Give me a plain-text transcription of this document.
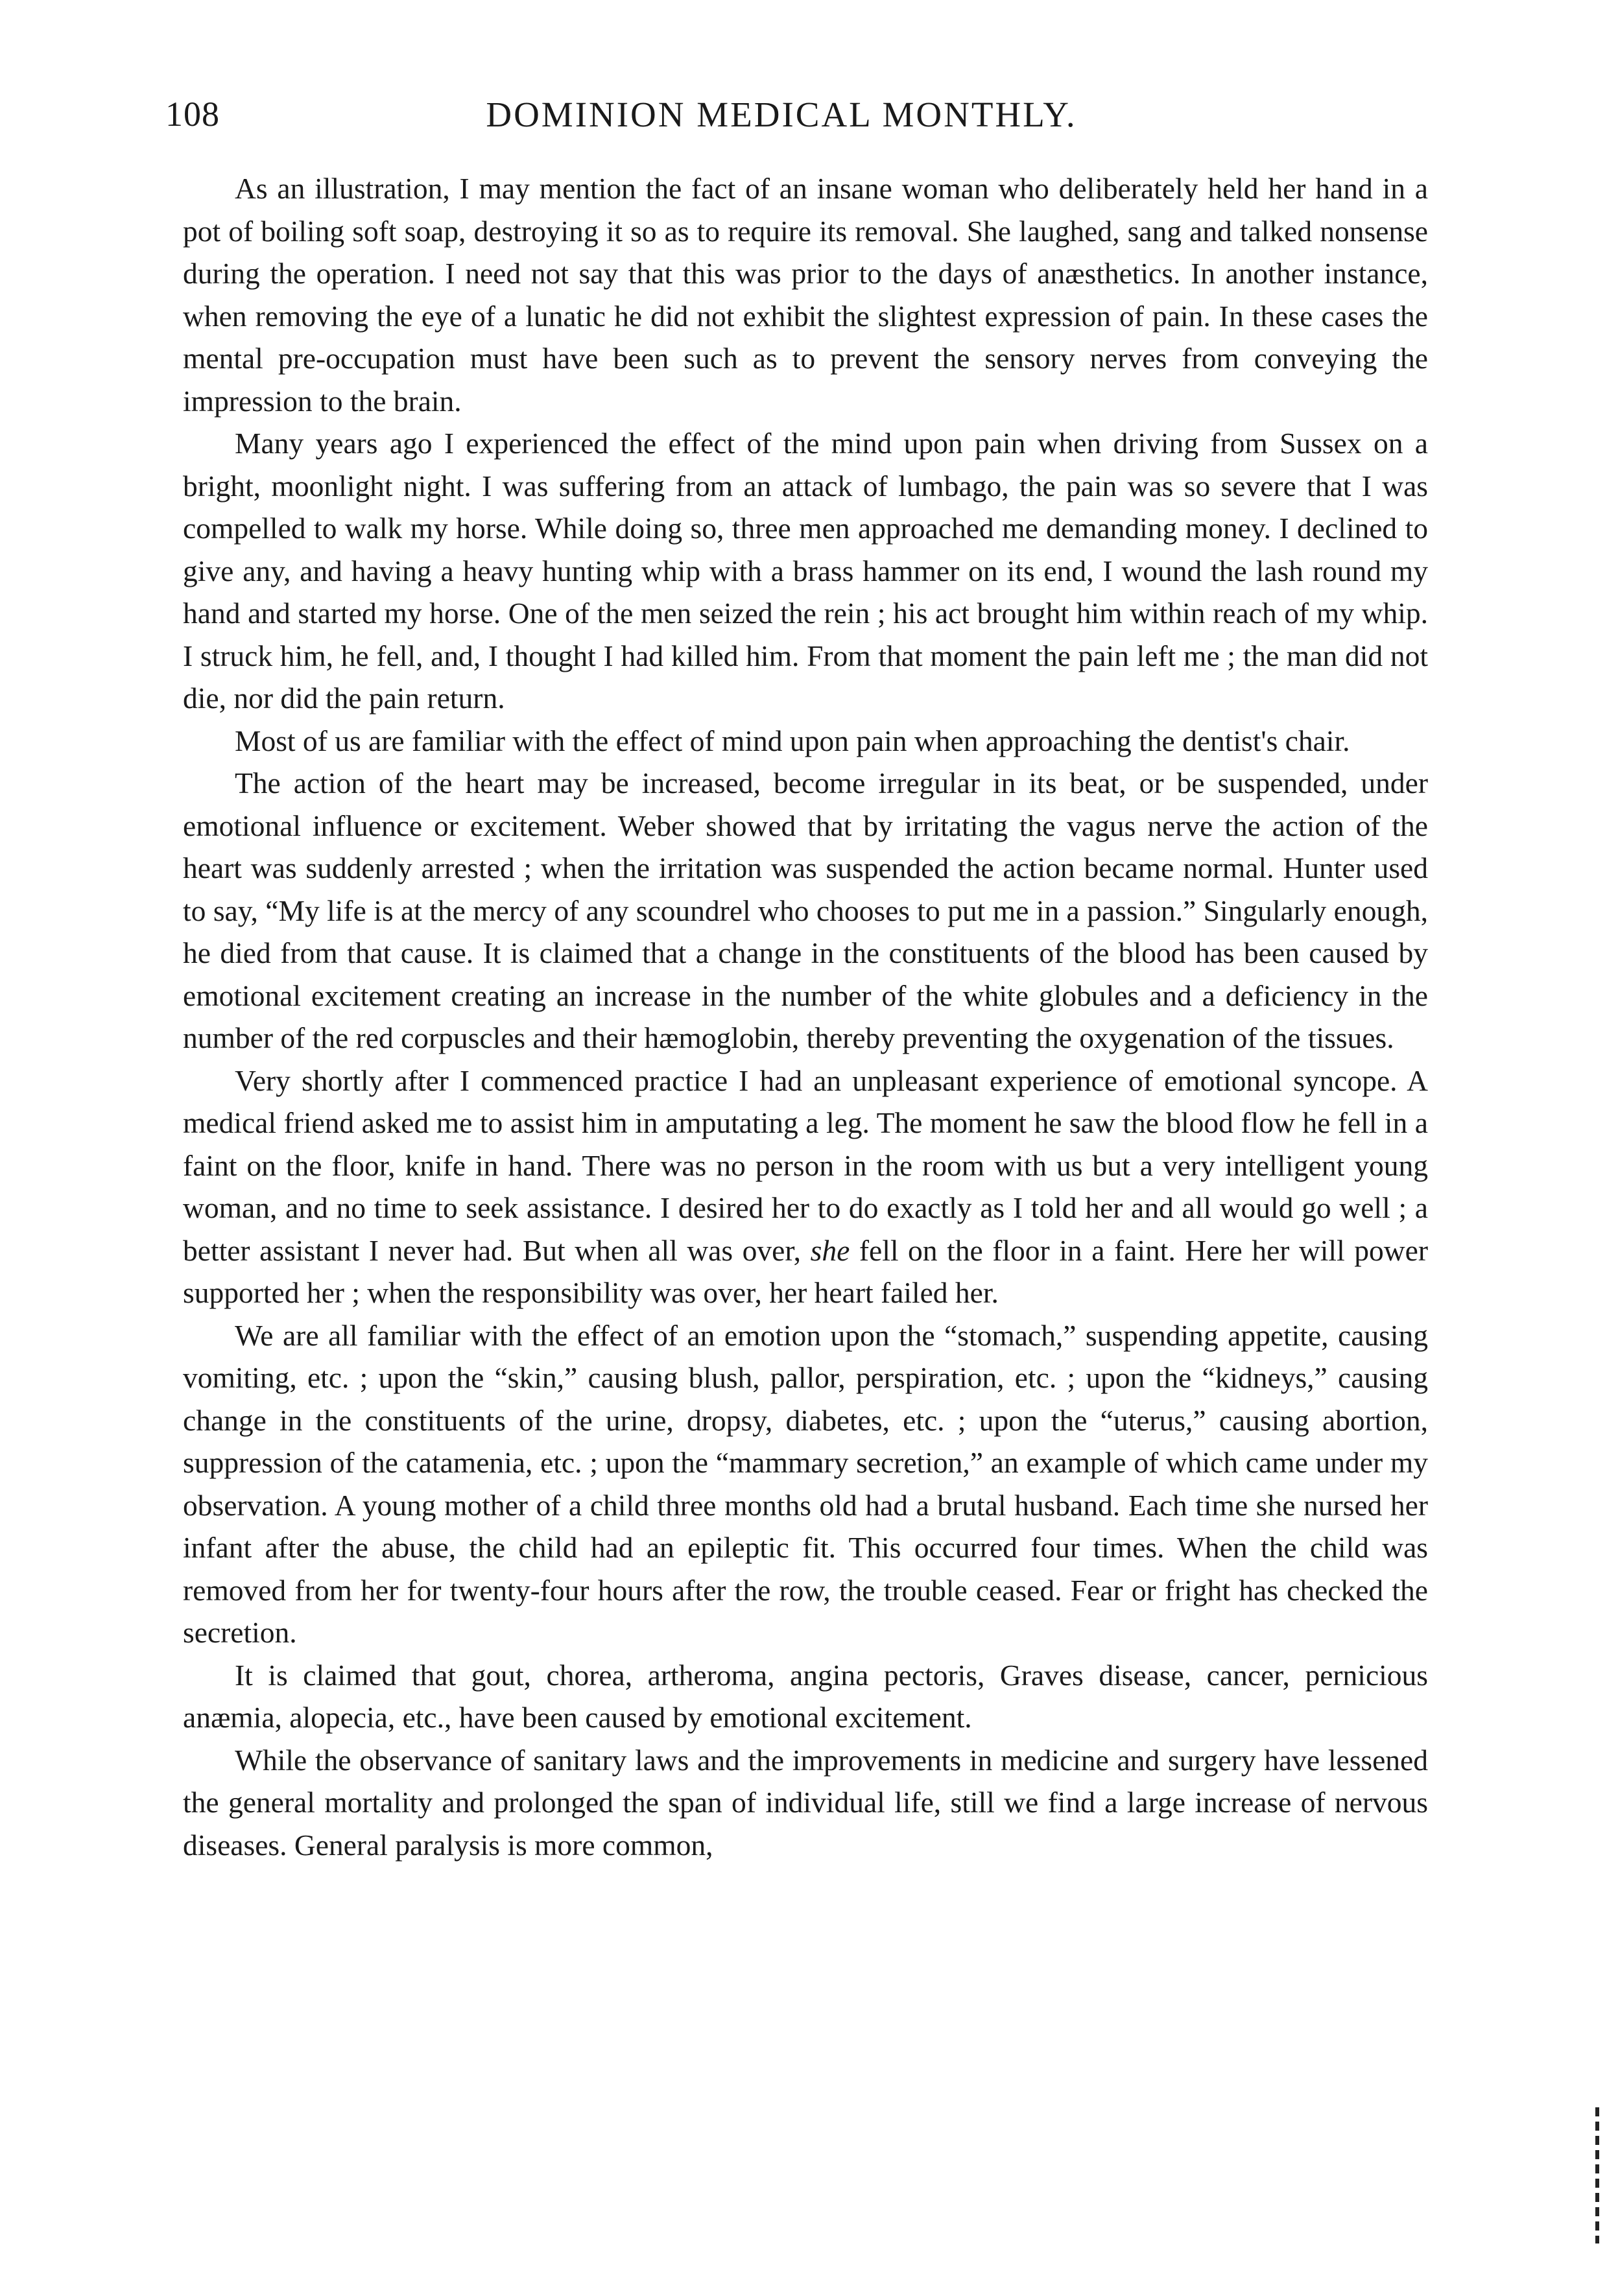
108	DOMINION MEDICAL MONTHLY.

As an illustration, I may mention the fact of an insane woman who deliberately held her hand in a pot of boiling soft soap, destroying it so as to require its removal. She laughed, sang and talked nonsense during the operation. I need not say that this was prior to the days of anæsthetics. In another instance, when removing the eye of a lunatic he did not exhibit the slightest expression of pain. In these cases the mental pre-occupation must have been such as to prevent the sensory nerves from conveying the impression to the brain.

Many years ago I experienced the effect of the mind upon pain when driving from Sussex on a bright, moonlight night. I was suffering from an attack of lumbago, the pain was so severe that I was compelled to walk my horse. While doing so, three men approached me demanding money. I declined to give any, and having a heavy hunting whip with a brass hammer on its end, I wound the lash round my hand and started my horse. One of the men seized the rein ; his act brought him within reach of my whip. I struck him, he fell, and, I thought I had killed him. From that moment the pain left me ; the man did not die, nor did the pain return.

Most of us are familiar with the effect of mind upon pain when approaching the dentist's chair.

The action of the heart may be increased, become irregular in its beat, or be suspended, under emotional influence or excitement. Weber showed that by irritating the vagus nerve the action of the heart was suddenly arrested ; when the irritation was suspended the action became normal. Hunter used to say, “My life is at the mercy of any scoundrel who chooses to put me in a passion.” Singularly enough, he died from that cause. It is claimed that a change in the constituents of the blood has been caused by emotional excitement creating an increase in the number of the white globules and a deficiency in the number of the red corpuscles and their hæmoglobin, thereby preventing the oxygenation of the tissues.

Very shortly after I commenced practice I had an unpleasant experience of emotional syncope. A medical friend asked me to assist him in amputating a leg. The moment he saw the blood flow he fell in a faint on the floor, knife in hand. There was no person in the room with us but a very intelligent young woman, and no time to seek assistance. I desired her to do exactly as I told her and all would go well ; a better assistant I never had. But when all was over, she fell on the floor in a faint. Here her will power supported her ; when the responsibility was over, her heart failed her.

We are all familiar with the effect of an emotion upon the “stomach,” suspending appetite, causing vomiting, etc. ; upon the “skin,” causing blush, pallor, perspiration, etc. ; upon the “kidneys,” causing change in the constituents of the urine, dropsy, diabetes, etc. ; upon the “uterus,” causing abortion, suppression of the catamenia, etc. ; upon the “mammary secretion,” an example of which came under my observation. A young mother of a child three months old had a brutal husband. Each time she nursed her infant after the abuse, the child had an epileptic fit. This occurred four times. When the child was removed from her for twenty-four hours after the row, the trouble ceased. Fear or fright has checked the secretion.

It is claimed that gout, chorea, artheroma, angina pectoris, Graves disease, cancer, pernicious anæmia, alopecia, etc., have been caused by emotional excitement.

While the observance of sanitary laws and the improvements in medicine and surgery have lessened the general mortality and prolonged the span of individual life, still we find a large increase of nervous diseases. General paralysis is more common,
